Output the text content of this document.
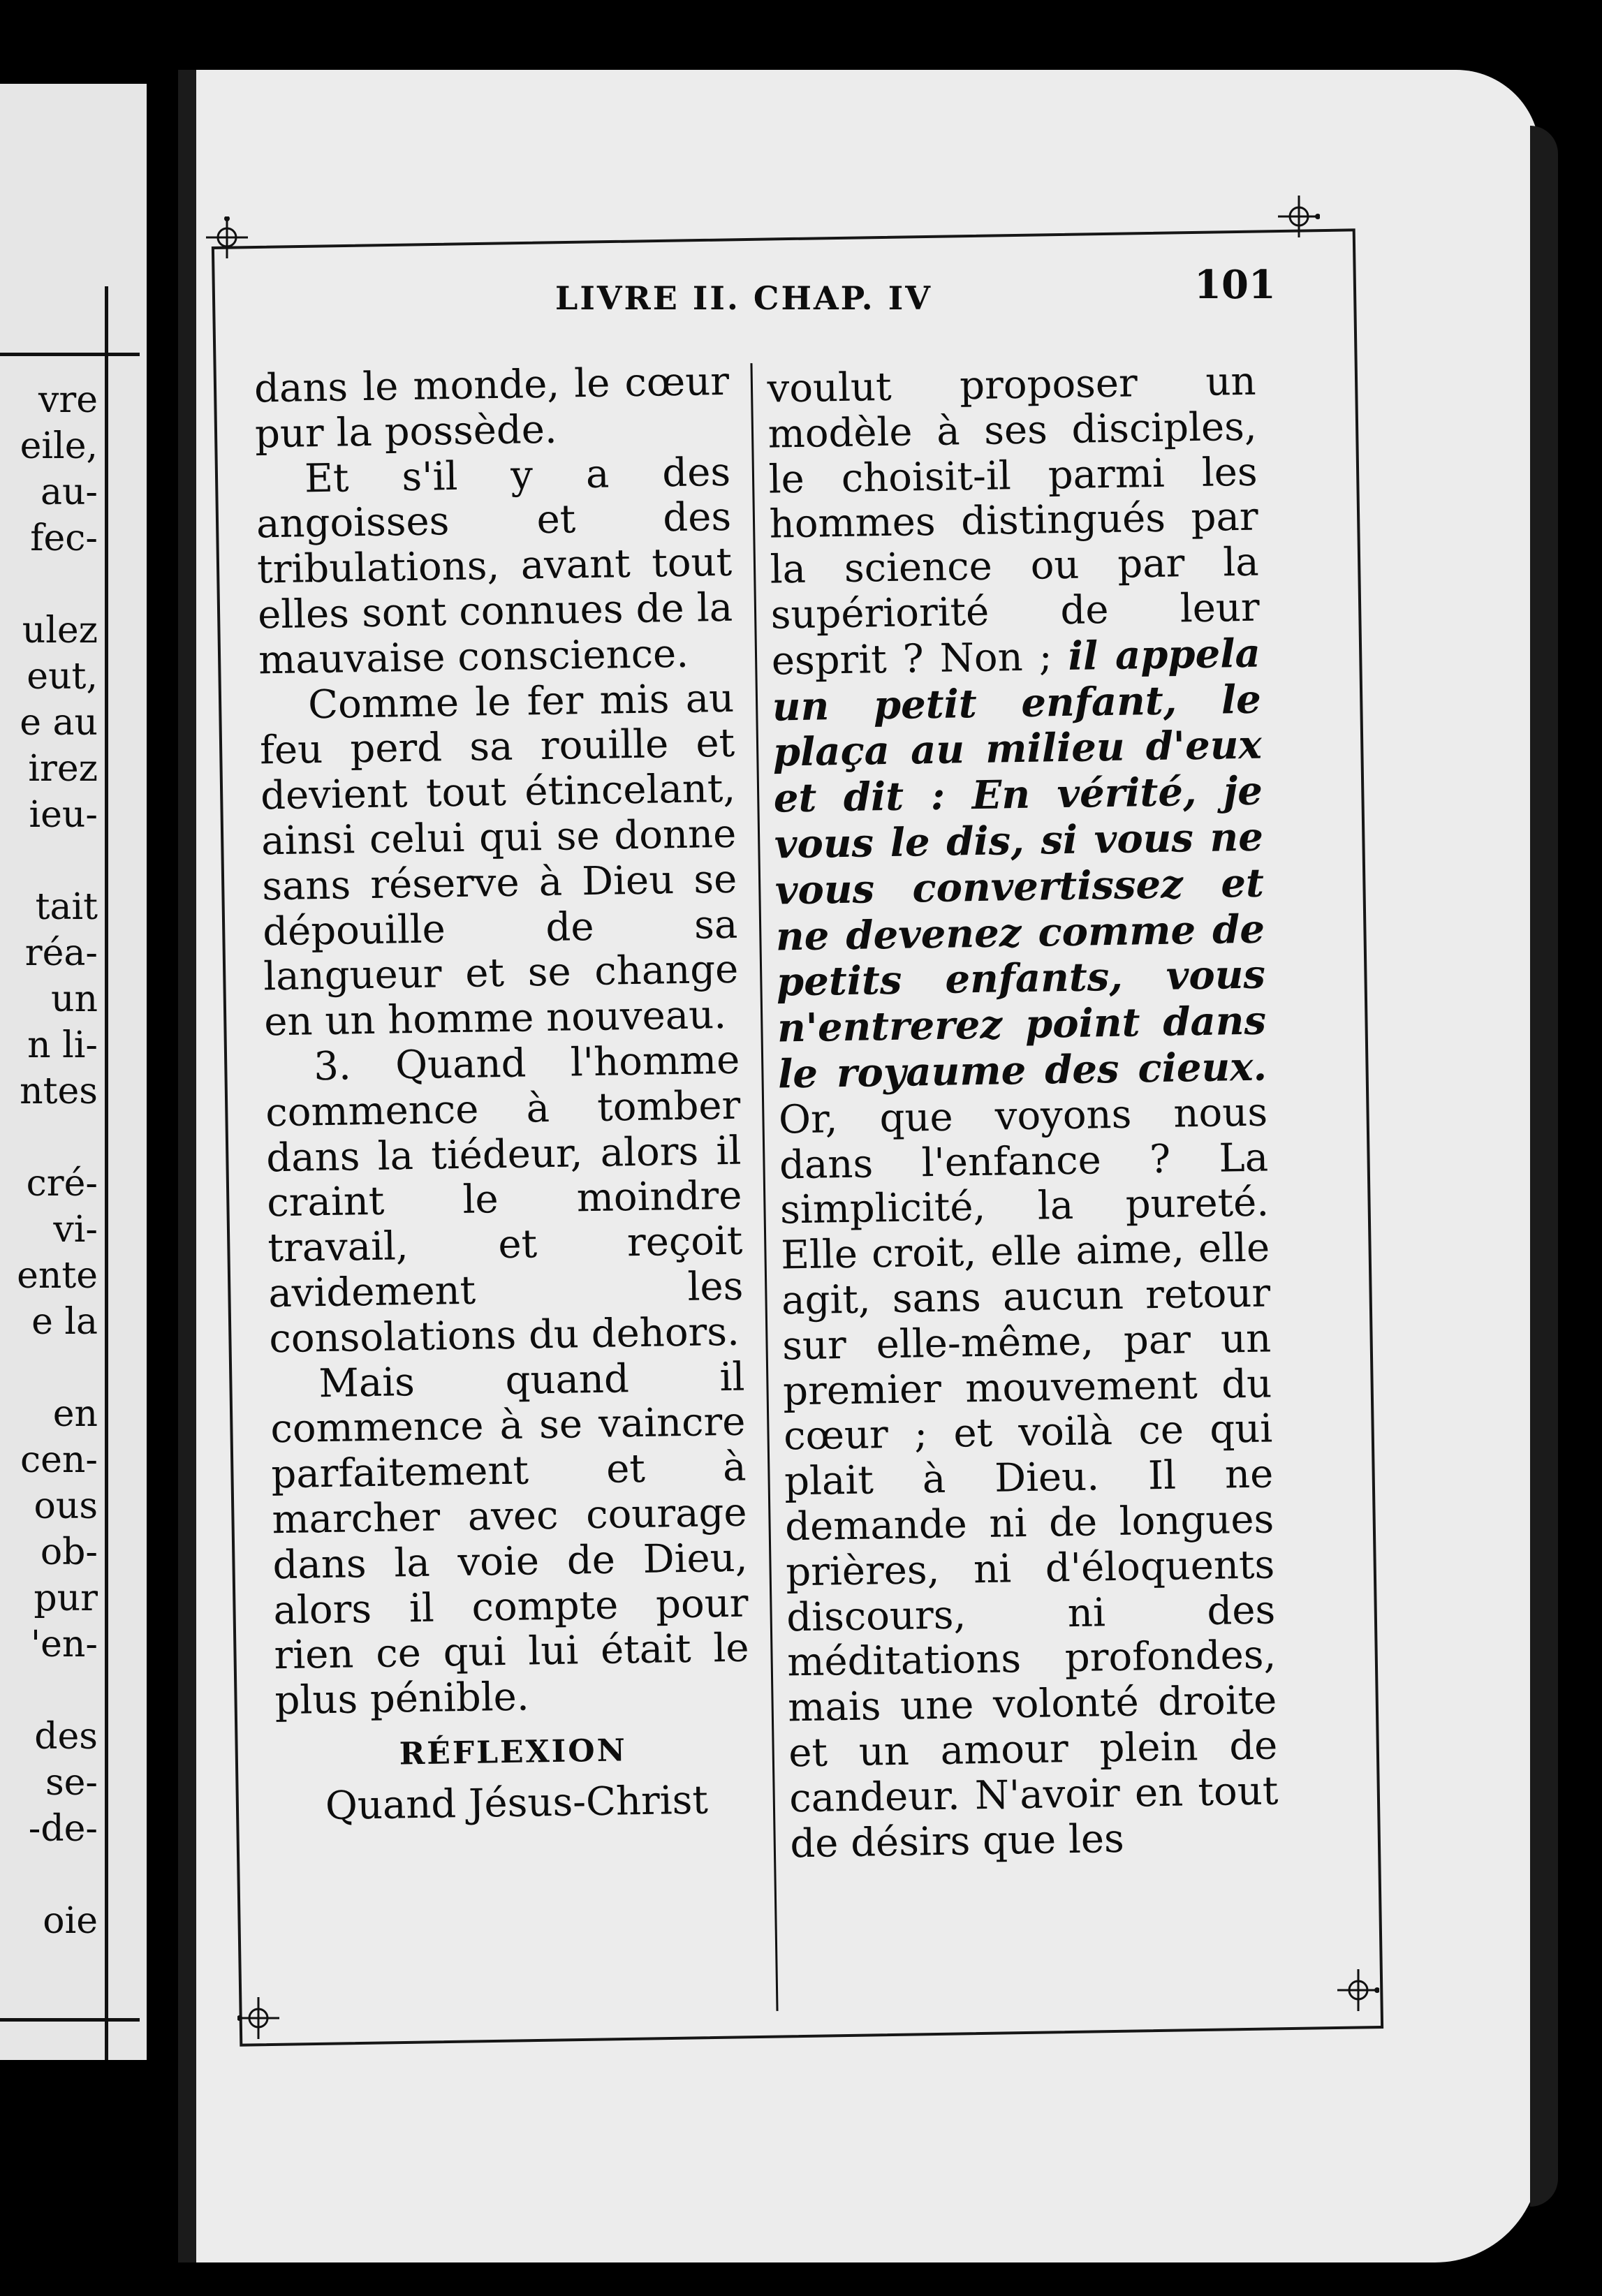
vre
eile,
au-
fec-
ulez
eut,
e au
irez
ieu-
tait
réa-
un
n li-
ntes
cré-
vi-
ente
e la
en
cen-
ous
ob-
pur
'en-
des
se-
-de-
oie
LIVRE II. CHAP. IV	101

dans le monde, le cœur pur la possède.

Et s'il y a des angoisses et des tribulations, avant tout elles sont connues de la mauvaise conscience.

Comme le fer mis au feu perd sa rouille et devient tout étincelant, ainsi celui qui se donne sans réserve à Dieu se dépouille de sa langueur et se change en un homme nouveau.

3. Quand l'homme commence à tomber dans la tiédeur, alors il craint le moindre travail, et reçoit avidement les consolations du dehors.

Mais quand il commence à se vaincre parfaitement et à marcher avec courage dans la voie de Dieu, alors il compte pour rien ce qui lui était le plus pénible.

RÉFLEXION

Quand Jésus-Christ

voulut proposer un modèle à ses disciples, le choisit-il parmi les hommes distingués par la science ou par la supériorité de leur esprit ? Non ; il appela un petit enfant, le plaça au milieu d'eux et dit : En vérité, je vous le dis, si vous ne vous convertissez et ne devenez comme de petits enfants, vous n'entrerez point dans le royaume des cieux. Or, que voyons nous dans l'enfance ? La simplicité, la pureté. Elle croit, elle aime, elle agit, sans aucun retour sur elle-même, par un premier mouvement du cœur ; et voilà ce qui plait à Dieu. Il ne demande ni de longues prières, ni d'éloquents discours, ni des méditations profondes, mais une volonté droite et un amour plein de candeur. N'avoir en tout de désirs que les
